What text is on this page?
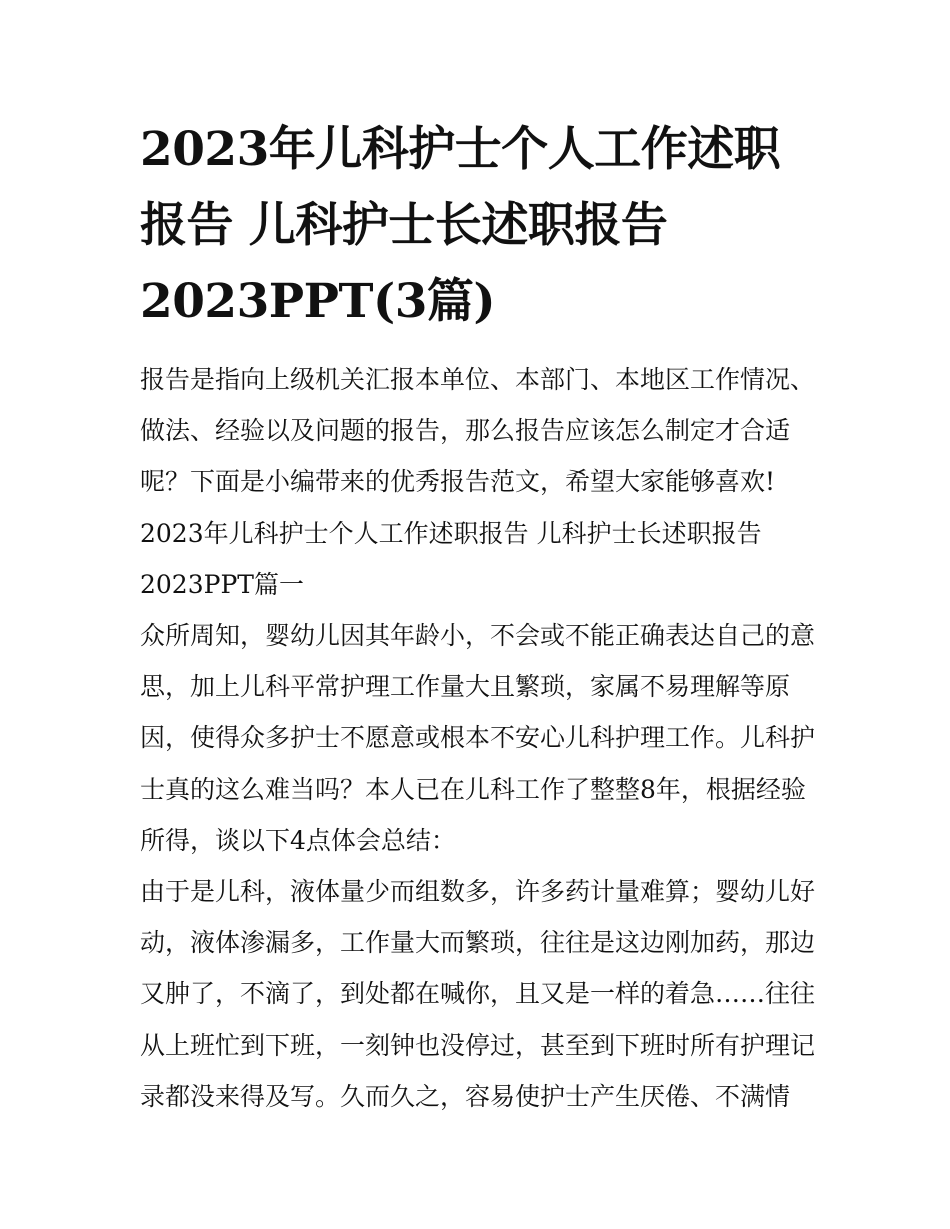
2023年儿科护士个人工作述职
报告 儿科护士长述职报告
2023PPT(3篇)

报告是指向上级机关汇报本单位、本部门、本地区工作情况、
做法、经验以及问题的报告，那么报告应该怎么制定才合适
呢？下面是小编带来的优秀报告范文，希望大家能够喜欢!

2023年儿科护士个人工作述职报告 儿科护士长述职报告
2023PPT篇一

众所周知，婴幼儿因其年龄小，不会或不能正确表达自己的意
思，加上儿科平常护理工作量大且繁琐，家属不易理解等原
因，使得众多护士不愿意或根本不安心儿科护理工作。儿科护
士真的这么难当吗？本人已在儿科工作了整整8年，根据经验
所得，谈以下4点体会总结：

由于是儿科，液体量少而组数多，许多药计量难算；婴幼儿好
动，液体渗漏多，工作量大而繁琐，往往是这边刚加药，那边
又肿了，不滴了，到处都在喊你，且又是一样的着急……往往
从上班忙到下班，一刻钟也没停过，甚至到下班时所有护理记
录都没来得及写。久而久之，容易使护士产生厌倦、不满情
